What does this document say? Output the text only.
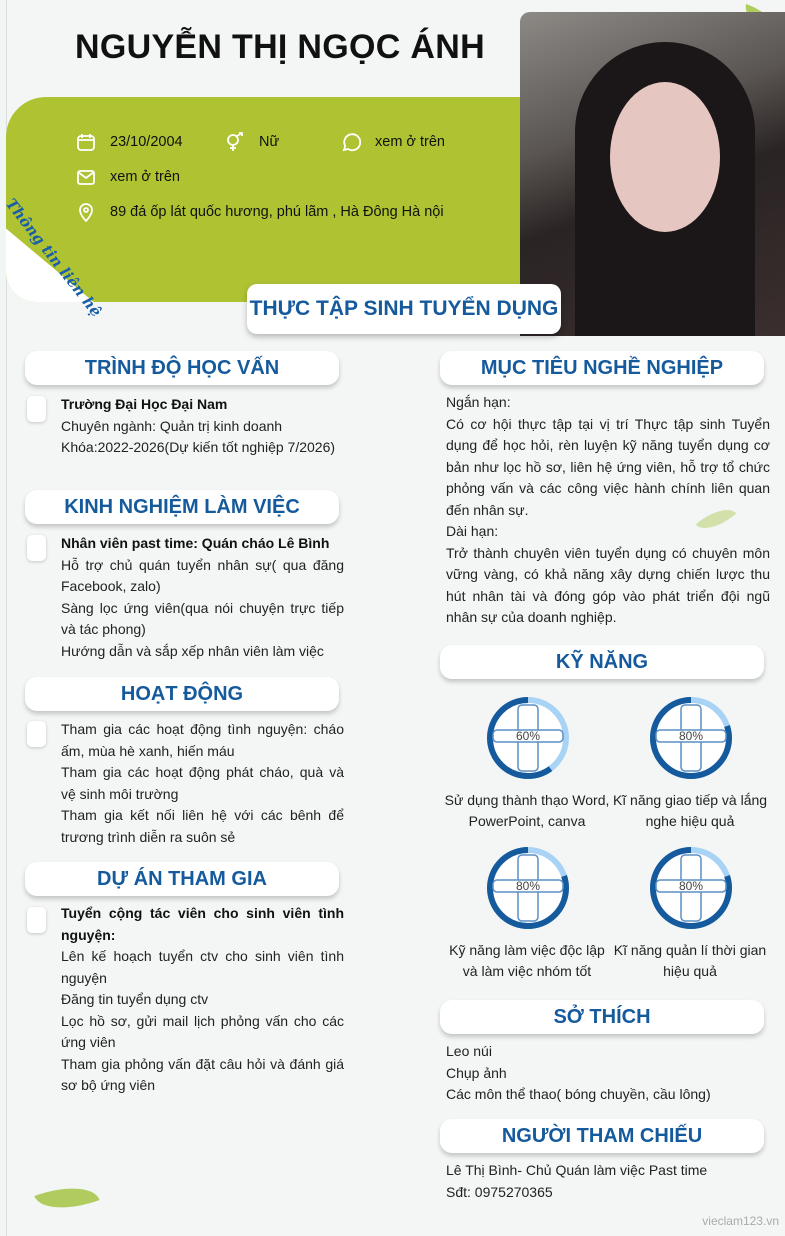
NGUYỄN THỊ NGỌC ÁNH
23/10/2004	Nữ	xem ở trên
xem ở trên
89 đá ốp lát quốc hương, phú lãm , Hà Đông Hà nội
Thông tin liên hệ	THỰC TẬP SINH TUYỂN DỤNG
TRÌNH ĐỘ HỌC VẤN
Trường Đại Học Đại Nam
Chuyên ngành: Quản trị kinh doanh
Khóa:2022-2026(Dự kiến tốt nghiệp 7/2026)
KINH NGHIỆM LÀM VIỆC
Nhân viên past time: Quán cháo Lê Bình
Hỗ trợ chủ quán tuyển nhân sự( qua đăng Facebook, zalo)
Sàng lọc ứng viên(qua nói chuyện trực tiếp và tác phong)
Hướng dẫn và sắp xếp nhân viên làm việc
HOẠT ĐỘNG
Tham gia các hoạt động tình nguyện: cháo ấm, mùa hè xanh, hiến máu
Tham gia các hoạt động phát cháo, quà và vệ sinh môi trường
Tham gia kết nối liên hệ với các bênh để trương trình diễn ra suôn sẻ
DỰ ÁN THAM GIA
Tuyển cộng tác viên cho sinh viên tình nguyện:
Lên kế hoạch tuyển ctv cho sinh viên tình nguyện
Đăng tin tuyển dụng ctv
Lọc hồ sơ, gửi mail lịch phỏng vấn cho các ứng viên
Tham gia phỏng vấn đặt câu hỏi và đánh giá sơ bộ ứng viên
MỤC TIÊU NGHỀ NGHIỆP
Ngắn hạn:
Có cơ hội thực tập tại vị trí Thực tập sinh Tuyển dụng để học hỏi, rèn luyện kỹ năng tuyển dụng cơ bản như lọc hồ sơ, liên hệ ứng viên, hỗ trợ tổ chức phỏng vấn và các công việc hành chính liên quan đến nhân sự.
Dài hạn:
Trở thành chuyên viên tuyển dụng có chuyên môn vững vàng, có khả năng xây dựng chiến lược thu hút nhân tài và đóng góp vào phát triển đội ngũ nhân sự của doanh nghiệp.
KỸ NĂNG
60%
Sử dụng thành thạo Word, PowerPoint, canva
80%
Kĩ năng giao tiếp và lắng nghe hiệu quả
80%
Kỹ năng làm việc độc lập và làm việc nhóm tốt
80%
Kĩ năng quản lí thời gian hiệu quả
SỞ THÍCH
Leo núi
Chụp ảnh
Các môn thể thao( bóng chuyền, cầu lông)
NGƯỜI THAM CHIẾU
Lê Thị Bình- Chủ Quán làm việc Past time
Sđt: 0975270365
vieclam123.vn
